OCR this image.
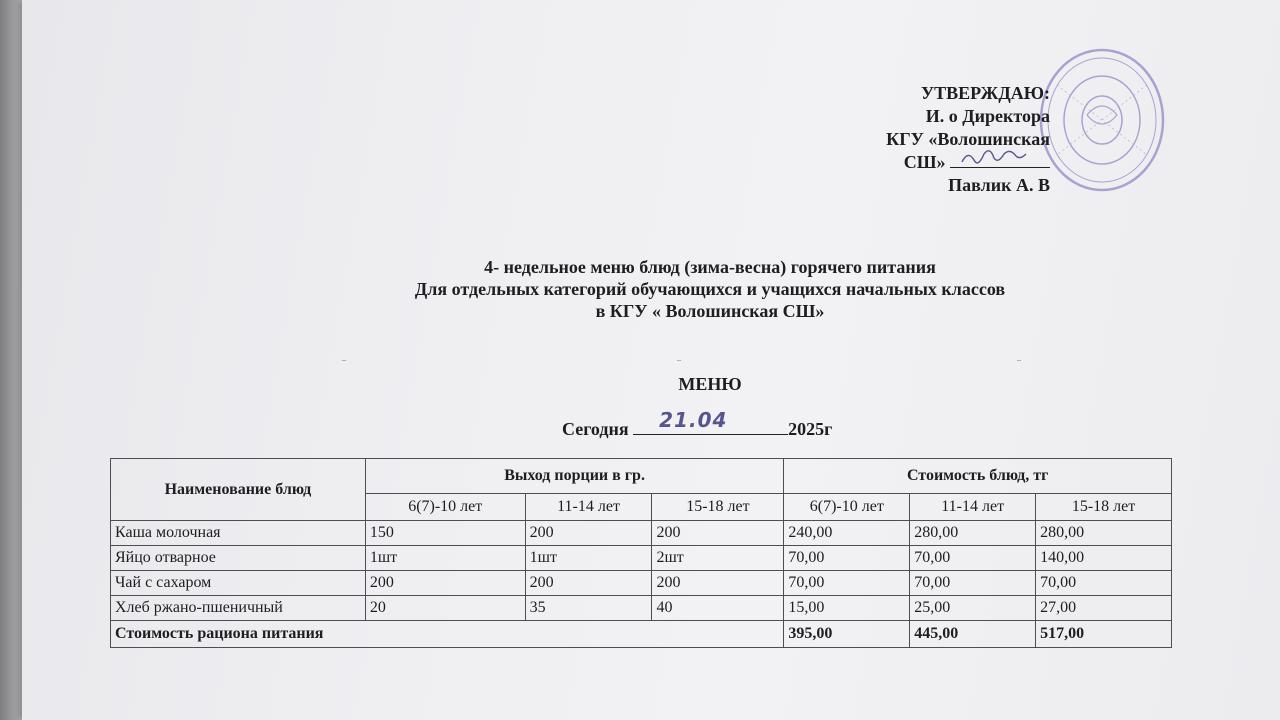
УТВЕРЖДАЮ:
И. о Директора
КГУ «Волошинская
СШ»
Павлик А. В
4- недельное меню блюд (зима-весна) горячего питания
Для отдельных категорий обучающихся и учащихся начальных классов
в КГУ « Волошинская СШ»
¨	¨	¨
МЕНЮ
Сегодня 21.04	2025г
Наименование блюд	Выход порции в гр.			Стоимость блюд, тг		
	6(7)-10 лет	11-14 лет	15-18 лет	6(7)-10 лет	11-14 лет	15-18 лет
Каша молочная	150	200	200	240,00	280,00	280,00
Яйцо отварное	1шт	1шт	2шт	70,00	70,00	140,00
Чай с сахаром	200	200	200	70,00	70,00	70,00
Хлеб ржано-пшеничный	20	35	40	15,00	25,00	27,00
Стоимость рациона питания				395,00	445,00	517,00
